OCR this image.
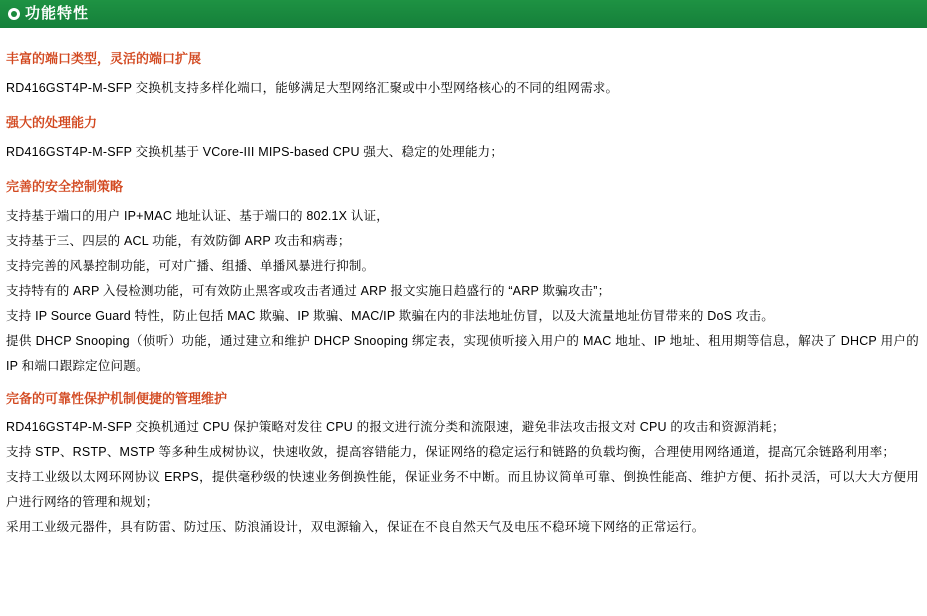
功能特性
丰富的端口类型，灵活的端口扩展

RD416GST4P-M-SFP 交换机支持多样化端口，能够满足大型网络汇聚或中小型网络核心的不同的组网需求。

强大的处理能力

RD416GST4P-M-SFP 交换机基于 VCore-III MIPS-based CPU 强大、稳定的处理能力；

完善的安全控制策略

支持基于端口的用户 IP+MAC 地址认证、基于端口的 802.1X 认证，

支持基于三、四层的 ACL 功能，有效防御 ARP 攻击和病毒；

支持完善的风暴控制功能，可对广播、组播、单播风暴进行抑制。

支持特有的 ARP 入侵检测功能，可有效防止黑客或攻击者通过 ARP 报文实施日趋盛行的 “ARP 欺骗攻击”；

支持 IP Source Guard 特性，防止包括 MAC 欺骗、IP 欺骗、MAC/IP 欺骗在内的非法地址仿冒，以及大流量地址仿冒带来的 DoS 攻击。

提供 DHCP Snooping（侦听）功能，通过建立和维护 DHCP Snooping 绑定表，实现侦听接入用户的 MAC 地址、IP 地址、租用期等信息，解决了 DHCP 用户的 IP 和端口跟踪定位问题。

完备的可靠性保护机制便捷的管理维护

RD416GST4P-M-SFP 交换机通过 CPU 保护策略对发往 CPU 的报文进行流分类和流限速，避免非法攻击报文对 CPU 的攻击和资源消耗；

支持 STP、RSTP、MSTP 等多种生成树协议，快速收敛，提高容错能力，保证网络的稳定运行和链路的负载均衡，合理使用网络通道，提高冗余链路利用率；

支持工业级以太网环网协议 ERPS，提供毫秒级的快速业务倒换性能，保证业务不中断。而且协议简单可靠、倒换性能高、维护方便、拓扑灵活，可以大大方便用户进行网络的管理和规划；

采用工业级元器件，具有防雷、防过压、防浪涌设计，双电源输入，保证在不良自然天气及电压不稳环境下网络的正常运行。
